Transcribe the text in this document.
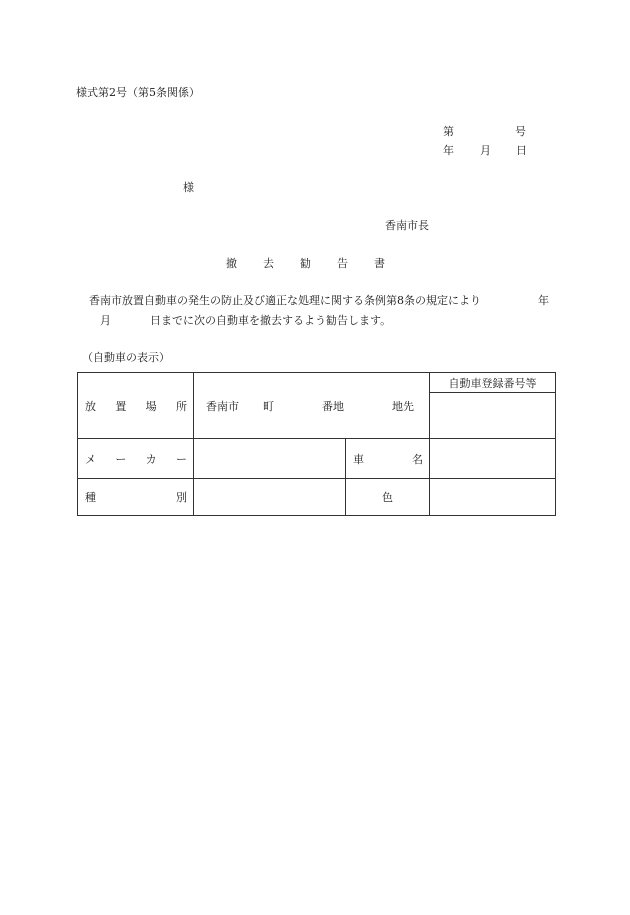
様式第2号（第5条関係）
第	号
年 月 日
様
香南市長
撤 去 勧 告 書
香南市放置自動車の発生の防止及び適正な処理に関する条例第8条の規定により	年
月	日までに次の自動車を撤去するよう勧告します。
（自動車の表示）
放 置 場 所	香南市 町 番地 地先		自動車登録番号等

メ ー カ ー		車 名	

種 別		色	
